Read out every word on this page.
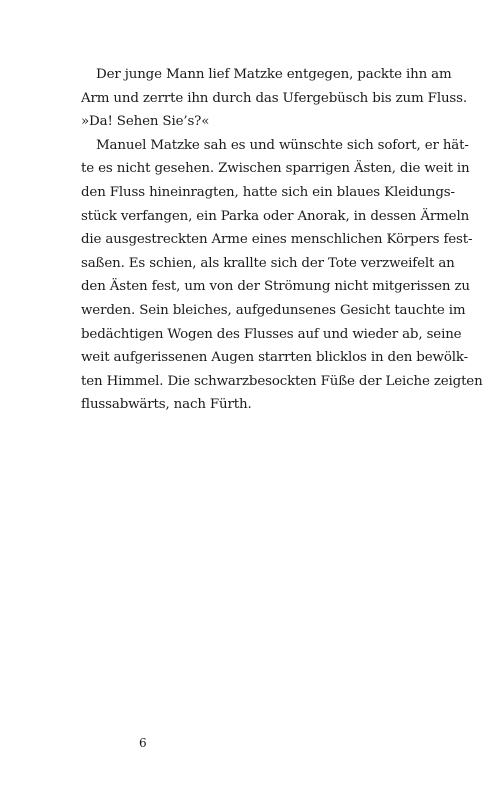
Der junge Mann lief Matzke entgegen, packte ihn am
Arm und zerrte ihn durch das Ufergebüsch bis zum Fluss.
»Da! Sehen Sie’s?«
Manuel Matzke sah es und wünschte sich sofort, er hät-
te es nicht gesehen. Zwischen sparrigen Ästen, die weit in
den Fluss hineinragten, hatte sich ein blaues Kleidungs-
stück verfangen, ein Parka oder Anorak, in dessen Ärmeln
die ausgestreckten Arme eines menschlichen Körpers fest-
saßen. Es schien, als krallte sich der Tote verzweifelt an
den Ästen fest, um von der Strömung nicht mitgerissen zu
werden. Sein bleiches, aufgedunsenes Gesicht tauchte im
bedächtigen Wogen des Flusses auf und wieder ab, seine
weit aufgerissenen Augen starrten blicklos in den bewölk-
ten Himmel. Die schwarzbesockten Füße der Leiche zeigten
flussabwärts, nach Fürth.
6
